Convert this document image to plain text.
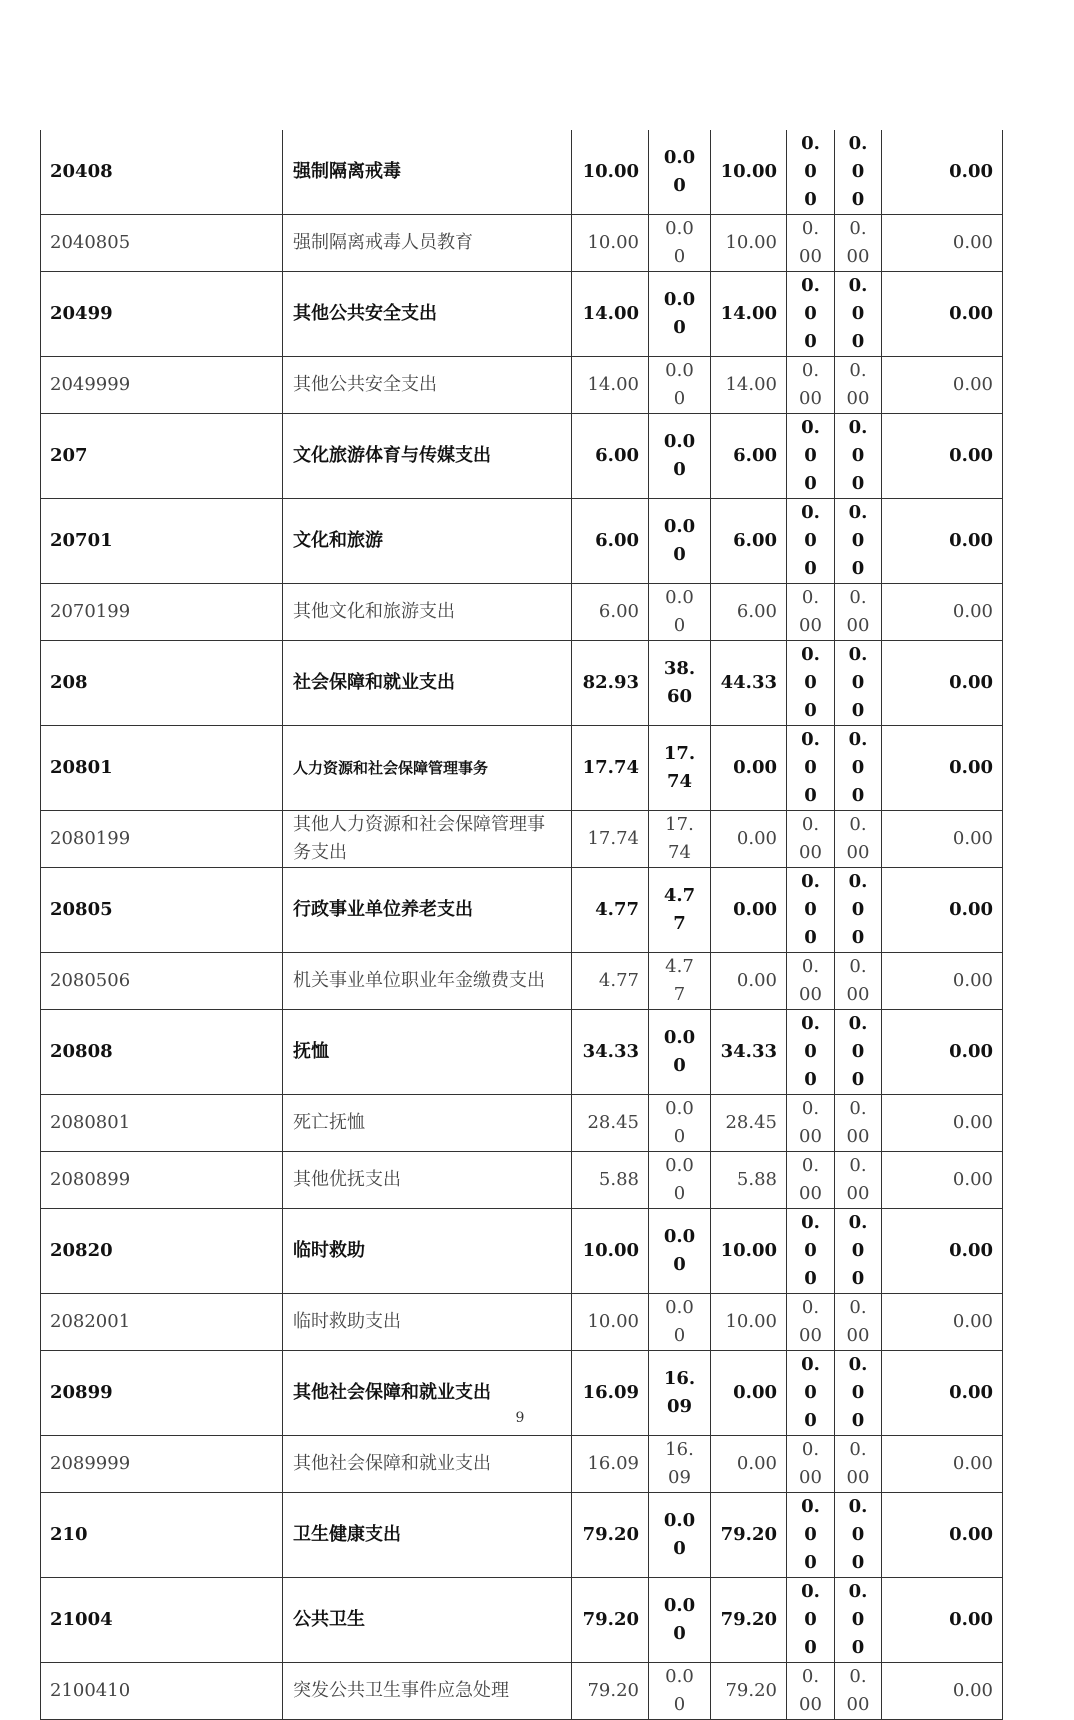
20408	强制隔离戒毒	10.00	0.00	10.00	0.00	0.00	0.00
2040805	强制隔离戒毒人员教育	10.00	0.00	10.00	0.00	0.00	0.00
20499	其他公共安全支出	14.00	0.00	14.00	0.00	0.00	0.00
2049999	其他公共安全支出	14.00	0.00	14.00	0.00	0.00	0.00
207	文化旅游体育与传媒支出	6.00	0.00	6.00	0.00	0.00	0.00
20701	文化和旅游	6.00	0.00	6.00	0.00	0.00	0.00
2070199	其他文化和旅游支出	6.00	0.00	6.00	0.00	0.00	0.00
208	社会保障和就业支出	82.93	38.60	44.33	0.00	0.00	0.00
20801	人力资源和社会保障管理事务	17.74	17.74	0.00	0.00	0.00	0.00
2080199	其他人力资源和社会保障管理事务支出	17.74	17.74	0.00	0.00	0.00	0.00
20805	行政事业单位养老支出	4.77	4.77	0.00	0.00	0.00	0.00
2080506	机关事业单位职业年金缴费支出	4.77	4.77	0.00	0.00	0.00	0.00
20808	抚恤	34.33	0.00	34.33	0.00	0.00	0.00
2080801	死亡抚恤	28.45	0.00	28.45	0.00	0.00	0.00
2080899	其他优抚支出	5.88	0.00	5.88	0.00	0.00	0.00
20820	临时救助	10.00	0.00	10.00	0.00	0.00	0.00
2082001	临时救助支出	10.00	0.00	10.00	0.00	0.00	0.00
20899	其他社会保障和就业支出	16.09	16.09	0.00	0.00	0.00	0.00
2089999	其他社会保障和就业支出	16.09	16.09	0.00	0.00	0.00	0.00
210	卫生健康支出	79.20	0.00	79.20	0.00	0.00	0.00
21004	公共卫生	79.20	0.00	79.20	0.00	0.00	0.00
2100410	突发公共卫生事件应急处理	79.20	0.00	79.20	0.00	0.00	0.00
9
